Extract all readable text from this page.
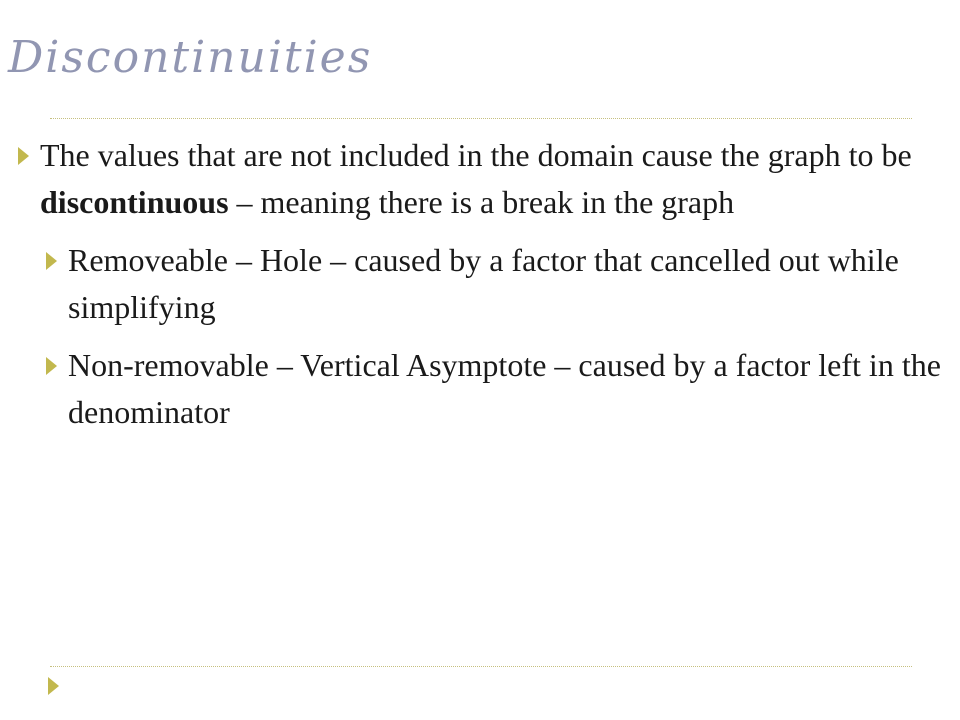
Discontinuities
The values that are not included in the domain cause the graph to be discontinuous – meaning there is a break in the graph
Removeable – Hole – caused by a factor that cancelled out while simplifying
Non-removable – Vertical Asymptote – caused by a factor left in the denominator
